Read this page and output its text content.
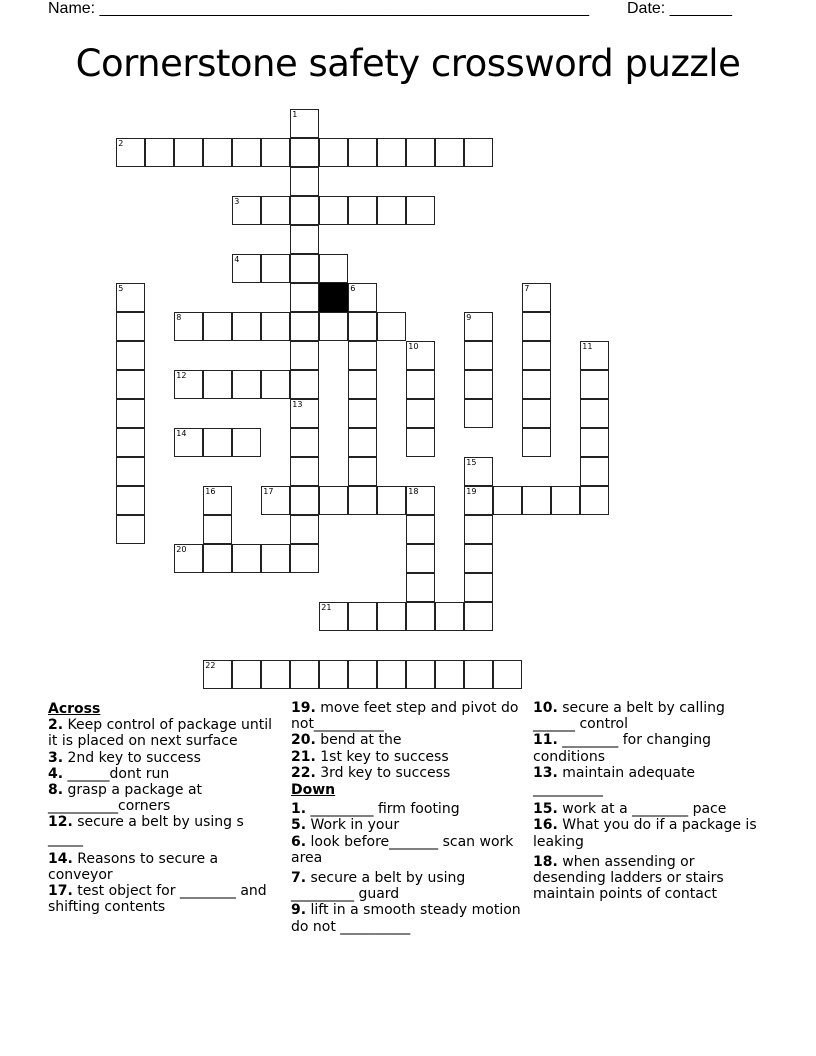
Name: _______________________________________________________ Date: _______
Cornerstone safety crossword puzzle
1
2
3
4
5	6	7
8	9
10	11
12
13
14
15
19
16	17	18
20
21
22
Across
2. Keep control of package until it is placed on next surface
3. 2nd key to success
4. ______dont run
8. grasp a package at __________corners
12. secure a belt by using s _____
14. Reasons to secure a conveyor
17. test object for ________ and shifting contents
19. move feet step and pivot do not__________
20. bend at the
21. 1st key to success
22. 3rd key to success
Down
1. _________ firm footing
5. Work in your
6. look before_______ scan work area
7. secure a belt by using _________ guard
9. lift in a smooth steady motion do not __________
10. secure a belt by calling ______ control
11. ________ for changing conditions
13. maintain adequate __________
15. work at a ________ pace
16. What you do if a package is leaking
18. when assending or desending ladders or stairs maintain points of contact
